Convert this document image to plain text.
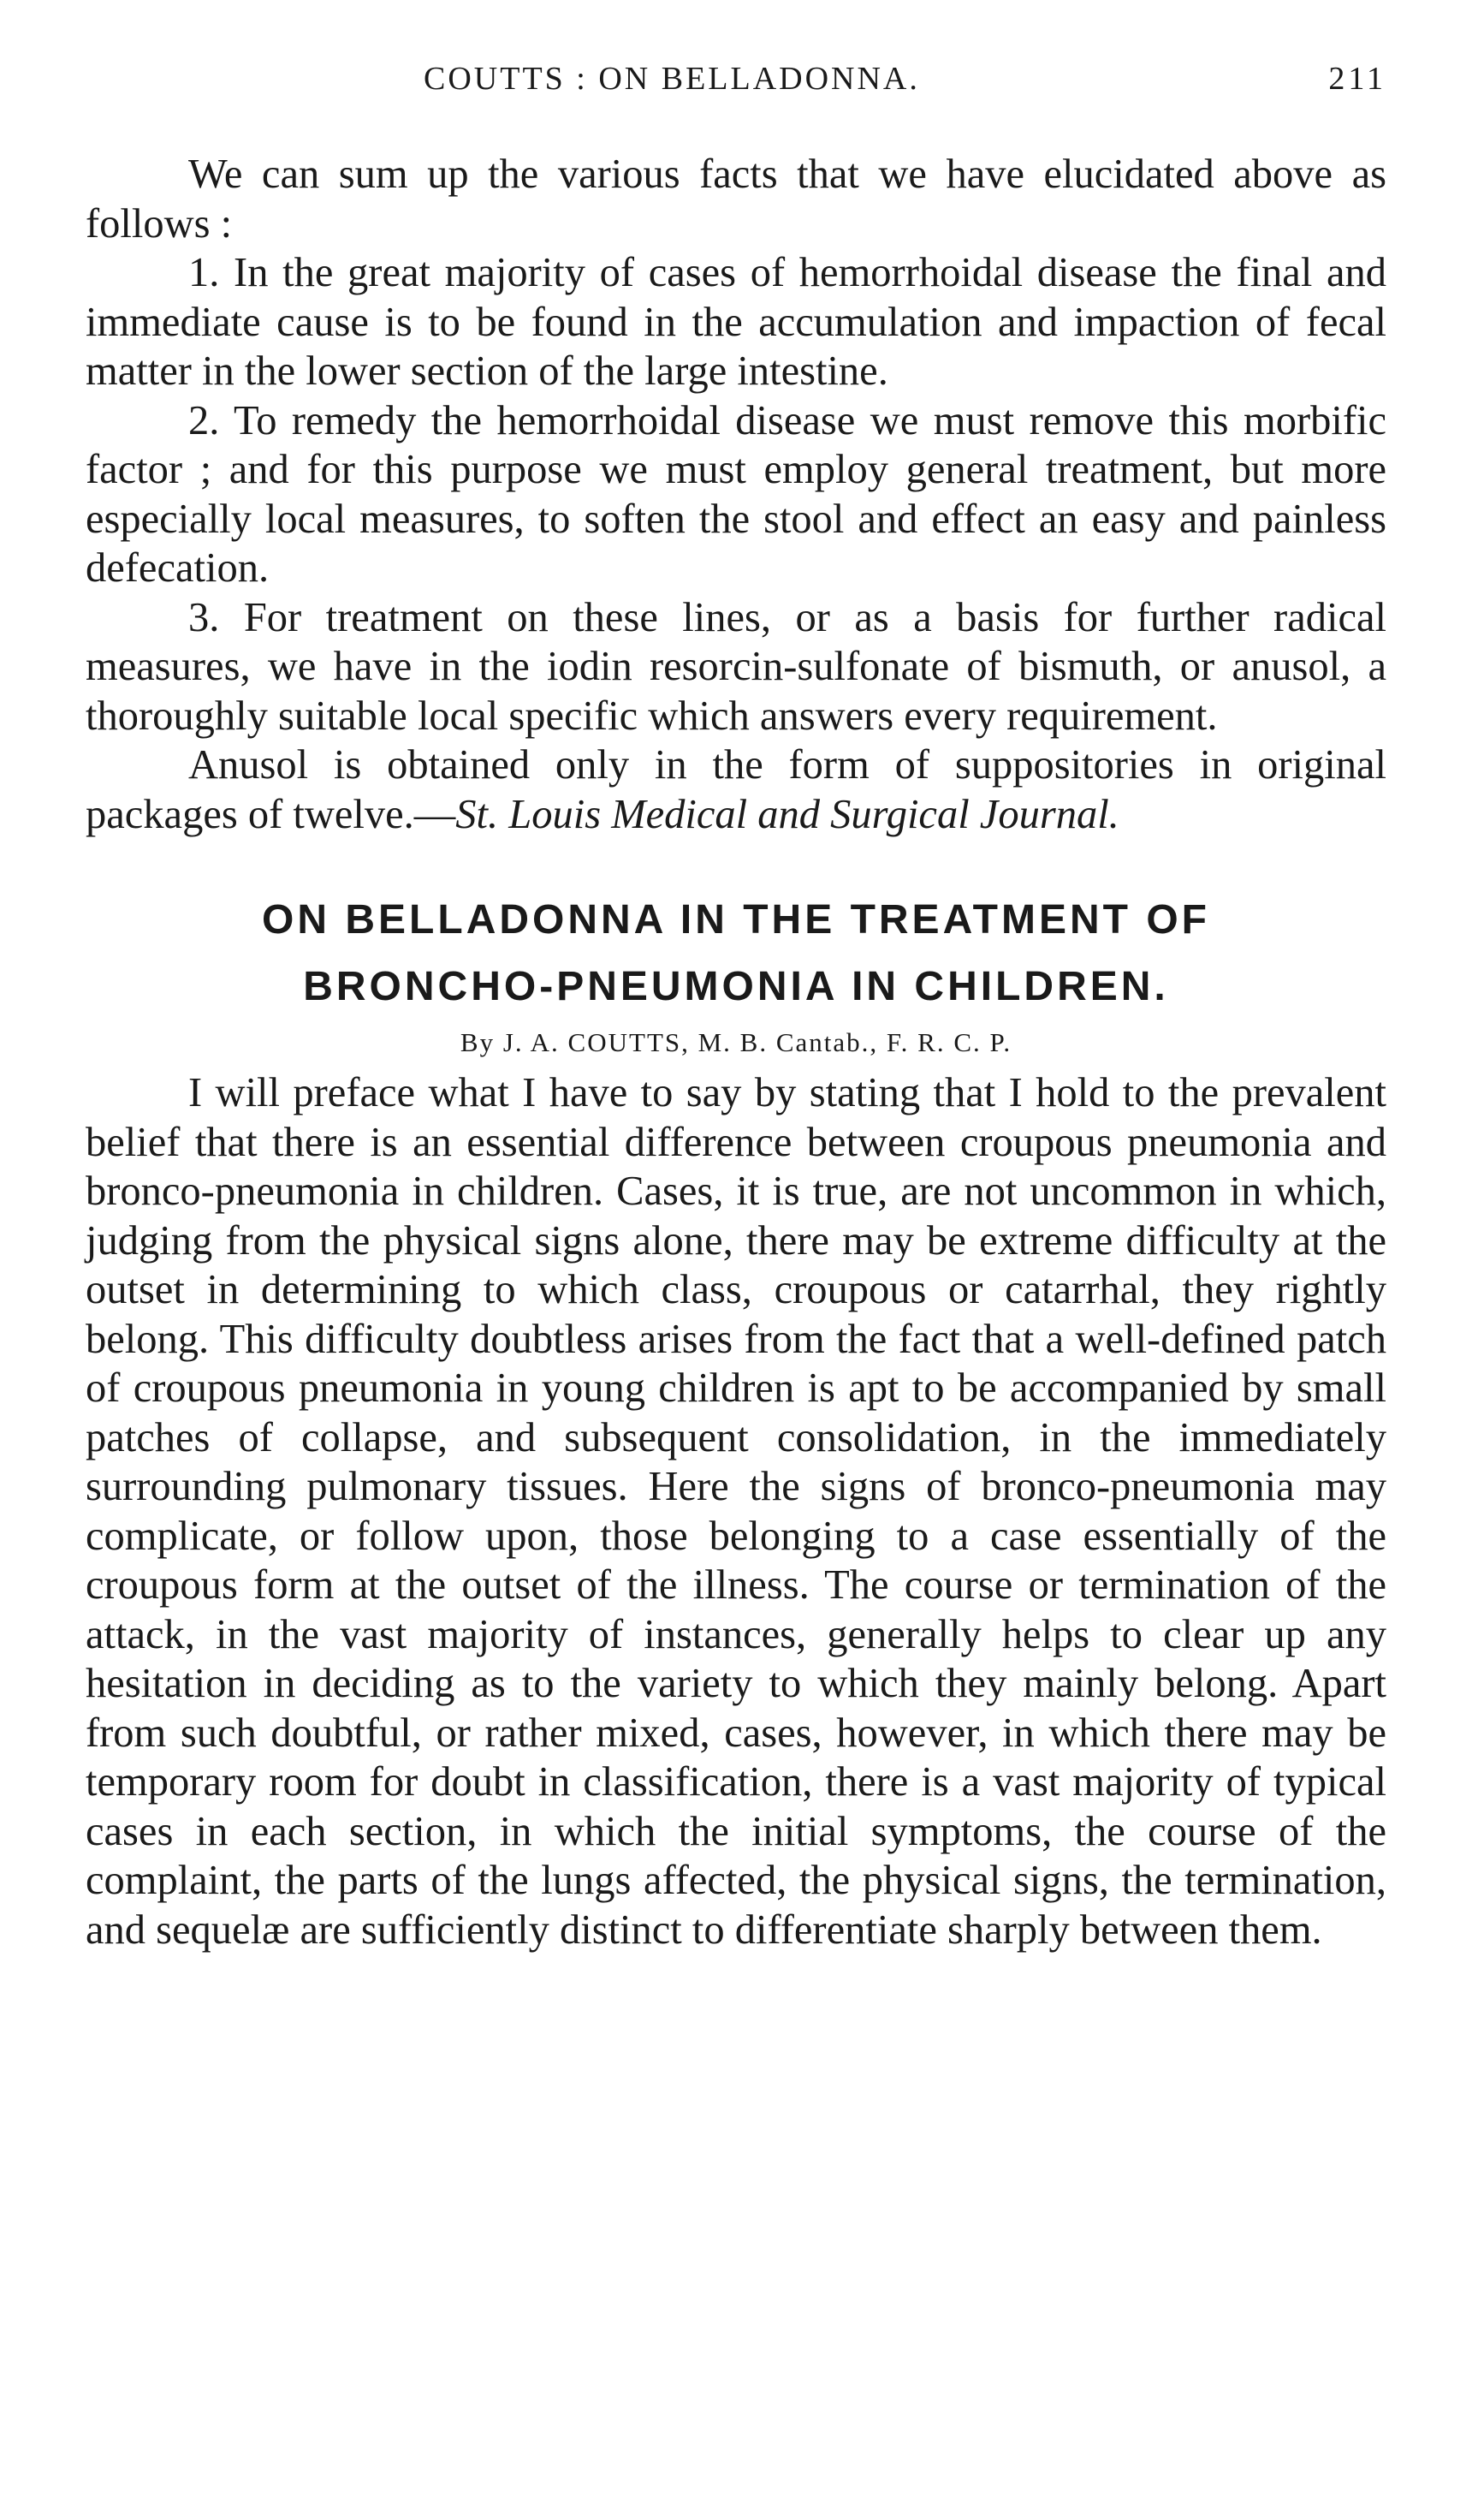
COUTTS : ON BELLADONNA.	211

We can sum up the various facts that we have elucidated above as follows :

1. In the great majority of cases of hemorrhoidal disease the final and immediate cause is to be found in the accumulation and impaction of fecal matter in the lower section of the large intestine.

2. To remedy the hemorrhoidal disease we must remove this morbific factor ; and for this purpose we must employ general treatment, but more especially local measures, to soften the stool and effect an easy and painless defecation.

3. For treatment on these lines, or as a basis for further radical measures, we have in the iodin resorcin-sulfonate of bismuth, or anusol, a thoroughly suitable local specific which answers every requirement.

Anusol is obtained only in the form of suppositories in original packages of twelve.—St. Louis Medical and Surgical Journal.

ON BELLADONNA IN THE TREATMENT OF
BRONCHO-PNEUMONIA IN CHILDREN.
By J. A. COUTTS, M. B. Cantab., F. R. C. P.

I will preface what I have to say by stating that I hold to the prevalent belief that there is an essential difference between croupous pneumonia and bronco-pneumonia in children. Cases, it is true, are not uncommon in which, judging from the physical signs alone, there may be extreme difficulty at the outset in determining to which class, croupous or catarrhal, they rightly belong. This difficulty doubtless arises from the fact that a well-defined patch of croupous pneumonia in young children is apt to be accompanied by small patches of collapse, and subsequent consolidation, in the immediately surrounding pulmonary tissues. Here the signs of bronco-pneumonia may complicate, or follow upon, those belonging to a case essentially of the croupous form at the outset of the illness. The course or termination of the attack, in the vast majority of instances, generally helps to clear up any hesitation in deciding as to the variety to which they mainly belong. Apart from such doubtful, or rather mixed, cases, however, in which there may be temporary room for doubt in classification, there is a vast majority of typical cases in each section, in which the initial symptoms, the course of the complaint, the parts of the lungs affected, the physical signs, the termination, and sequelæ are sufficiently distinct to differentiate sharply between them.
